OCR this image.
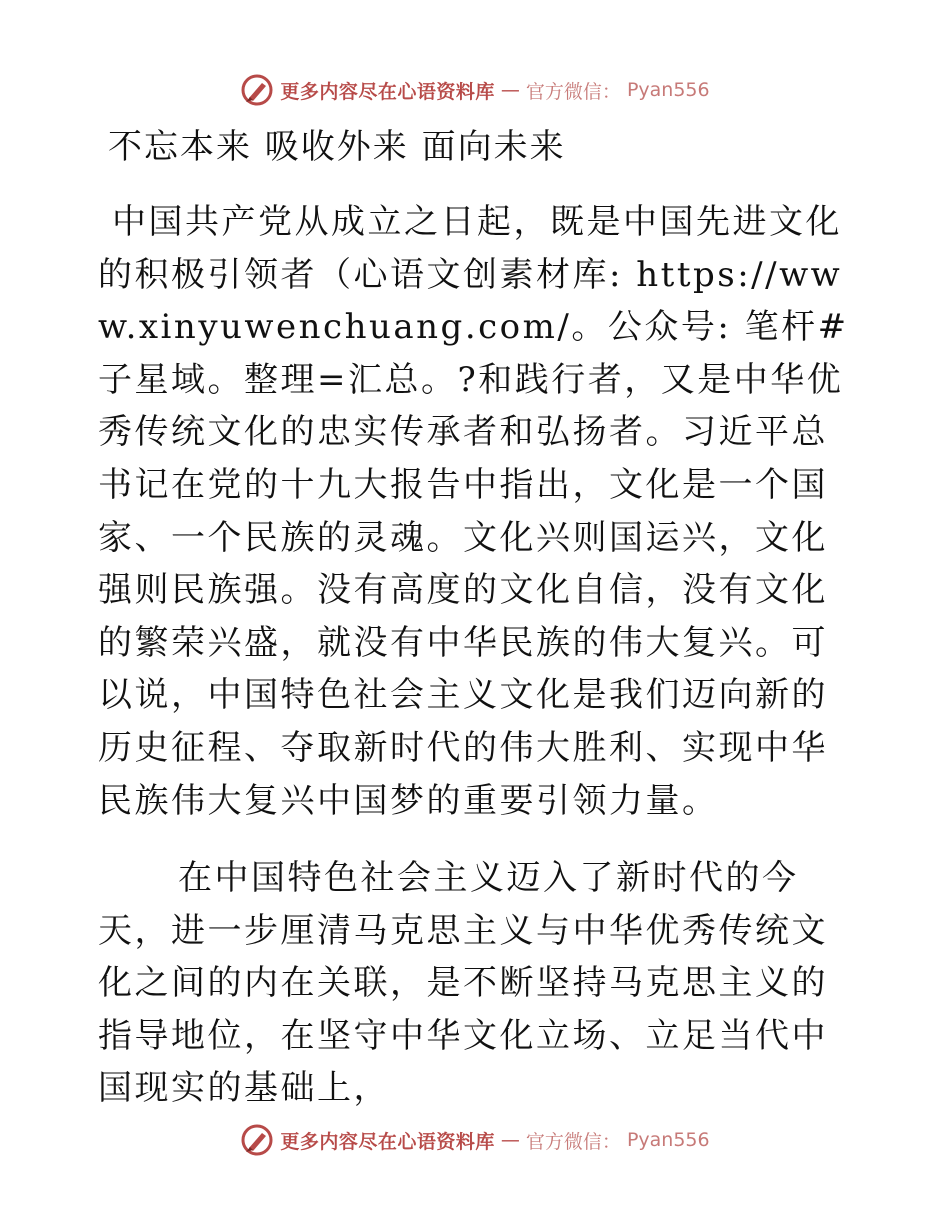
更多内容尽在心语资料库 — 官方微信： Pyan556
不忘本来 吸收外来 面向未来

中国共产党从成立之日起，既是中国先进文化的积极引领者（心语文创素材库: https://www.xinyuwenchuang.com/。公众号: 笔杆#子星域。整理=汇总。?和践行者，又是中华优秀传统文化的忠实传承者和弘扬者。习近平总书记在党的十九大报告中指出，文化是一个国家、一个民族的灵魂。文化兴则国运兴，文化强则民族强。没有高度的文化自信，没有文化的繁荣兴盛，就没有中华民族的伟大复兴。可以说，中国特色社会主义文化是我们迈向新的历史征程、夺取新时代的伟大胜利、实现中华民族伟大复兴中国梦的重要引领力量。

在中国特色社会主义迈入了新时代的今天，进一步厘清马克思主义与中华优秀传统文化之间的内在关联，是不断坚持马克思主义的指导地位，在坚守中华文化立场、立足当代中国现实的基础上，

更多内容尽在心语资料库 — 官方微信： Pyan556
